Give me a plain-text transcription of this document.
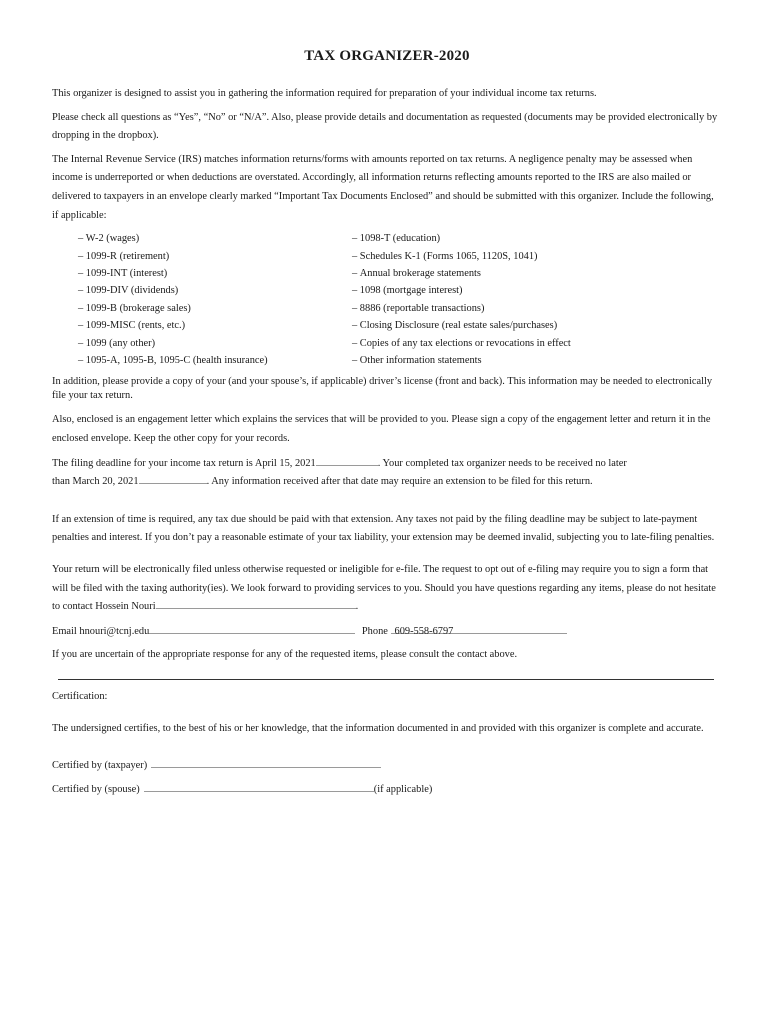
TAX ORGANIZER-2020

This organizer is designed to assist you in gathering the information required for preparation of your individual income tax returns.

Please check all questions as “Yes”, “No” or “N/A”. Also, please provide details and documentation as requested (documents may be provided electronically by dropping in the dropbox).

The Internal Revenue Service (IRS) matches information returns/forms with amounts reported on tax returns. A negligence penalty may be assessed when income is underreported or when deductions are overstated. Accordingly, all information returns reflecting amounts reported to the IRS are also mailed or delivered to taxpayers in an envelope clearly marked “Important Tax Documents Enclosed” and should be submitted with this organizer. Include the following, if applicable:

– W-2 (wages)
– 1099-R (retirement)
– 1099-INT (interest)
– 1099-DIV (dividends)
– 1099-B (brokerage sales)
– 1099-MISC (rents, etc.)
– 1099 (any other)
– 1095-A, 1095-B, 1095-C (health insurance)
– 1098-T (education)
– Schedules K-1 (Forms 1065, 1120S, 1041)
– Annual brokerage statements
– 1098 (mortgage interest)
– 8886 (reportable transactions)
– Closing Disclosure (real estate sales/purchases)
– Copies of any tax elections or revocations in effect
– Other information statements

In addition, please provide a copy of your (and your spouse’s, if applicable) driver’s license (front and back). This information may be needed to electronically file your tax return.

Also, enclosed is an engagement letter which explains the services that will be provided to you. Please sign a copy of the engagement letter and return it in the enclosed envelope. Keep the other copy for your records.

The filing deadline for your income tax return is April 15, 2021	. Your completed tax organizer needs to be received no later
than March 20, 2021	. Any information received after that date may require an extension to be filed for this return.

If an extension of time is required, any tax due should be paid with that extension. Any taxes not paid by the filing deadline may be subject to late-payment penalties and interest. If you don’t pay a reasonable estimate of your tax liability, your extension may be deemed invalid, subjecting you to late-filing penalties.

Your return will be electronically filed unless otherwise requested or ineligible for e-file. The request to opt out of e-filing may require you to sign a form that will be filed with the taxing authority(ies). We look forward to providing services to you. Should you have questions regarding any items, please do not hesitate to contact Hossein Nouri	.

Email hnouri@tcnj.edu	Phone 609-558-6797

If you are uncertain of the appropriate response for any of the requested items, please consult the contact above.

Certification:

The undersigned certifies, to the best of his or her knowledge, that the information documented in and provided with this organizer is complete and accurate.

Certified by (taxpayer)

Certified by (spouse)	(if applicable)
